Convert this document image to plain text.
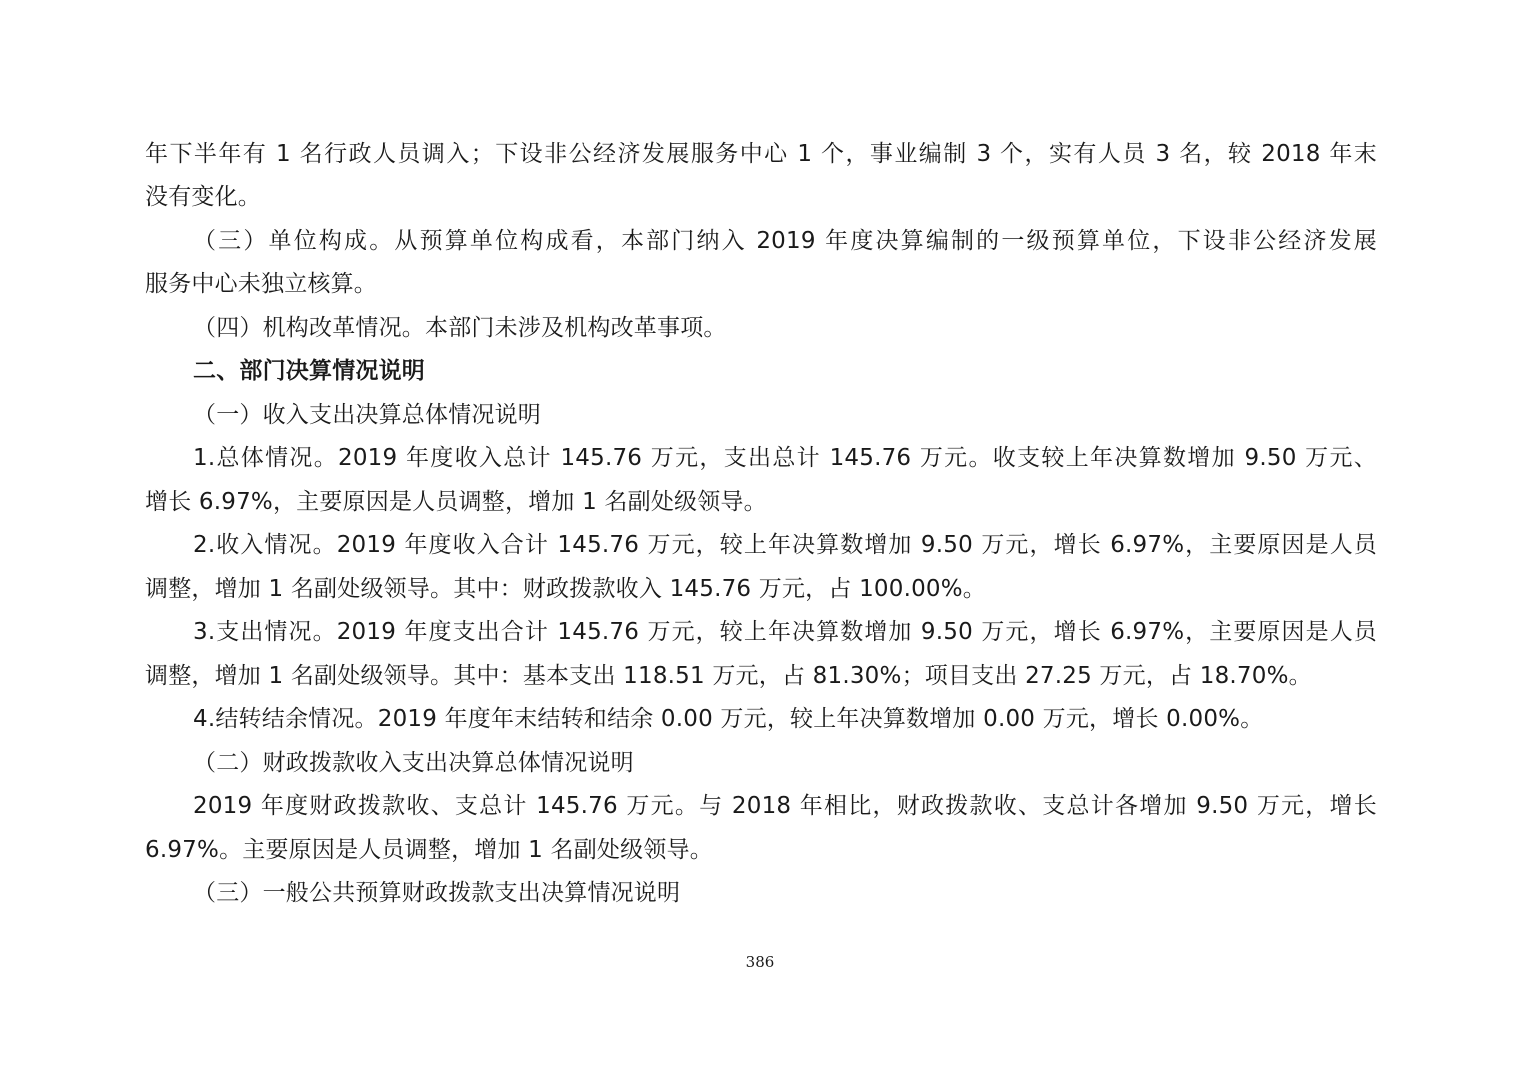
年下半年有 1 名行政人员调入；下设非公经济发展服务中心 1 个，事业编制 3 个，实有人员 3 名，较 2018 年末
没有变化。
（三）单位构成。从预算单位构成看，本部门纳入 2019 年度决算编制的一级预算单位，下设非公经济发展
服务中心未独立核算。
（四）机构改革情况。本部门未涉及机构改革事项。
二、部门决算情况说明
（一）收入支出决算总体情况说明
1.总体情况。2019 年度收入总计 145.76 万元，支出总计 145.76 万元。收支较上年决算数增加 9.50 万元、
增长 6.97%，主要原因是人员调整，增加 1 名副处级领导。
2.收入情况。2019 年度收入合计 145.76 万元，较上年决算数增加 9.50 万元，增长 6.97%，主要原因是人员
调整，增加 1 名副处级领导。其中：财政拨款收入 145.76 万元，占 100.00%。
3.支出情况。2019 年度支出合计 145.76 万元，较上年决算数增加 9.50 万元，增长 6.97%，主要原因是人员
调整，增加 1 名副处级领导。其中：基本支出 118.51 万元，占 81.30%；项目支出 27.25 万元，占 18.70%。
4.结转结余情况。2019 年度年末结转和结余 0.00 万元，较上年决算数增加 0.00 万元，增长 0.00%。
（二）财政拨款收入支出决算总体情况说明
2019 年度财政拨款收、支总计 145.76 万元。与 2018 年相比，财政拨款收、支总计各增加 9.50 万元，增长
6.97%。主要原因是人员调整，增加 1 名副处级领导。
（三）一般公共预算财政拨款支出决算情况说明
386
